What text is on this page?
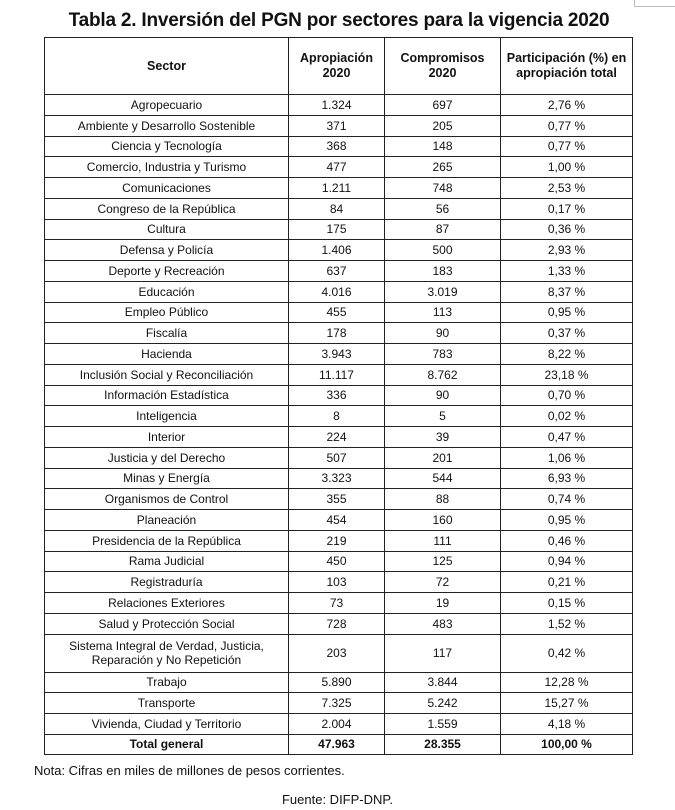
Tabla 2. Inversión del PGN por sectores para la vigencia 2020
Sector	Apropiación 2020	Compromisos 2020	Participación (%) en apropiación total
Agropecuario	1.324	697	2,76 %
Ambiente y Desarrollo Sostenible	371	205	0,77 %
Ciencia y Tecnología	368	148	0,77 %
Comercio, Industria y Turismo	477	265	1,00 %
Comunicaciones	1.211	748	2,53 %
Congreso de la República	84	56	0,17 %
Cultura	175	87	0,36 %
Defensa y Policía	1.406	500	2,93 %
Deporte y Recreación	637	183	1,33 %
Educación	4.016	3.019	8,37 %
Empleo Público	455	113	0,95 %
Fiscalía	178	90	0,37 %
Hacienda	3.943	783	8,22 %
Inclusión Social y Reconciliación	11.117	8.762	23,18 %
Información Estadística	336	90	0,70 %
Inteligencia	8	5	0,02 %
Interior	224	39	0,47 %
Justicia y del Derecho	507	201	1,06 %
Minas y Energía	3.323	544	6,93 %
Organismos de Control	355	88	0,74 %
Planeación	454	160	0,95 %
Presidencia de la República	219	111	0,46 %
Rama Judicial	450	125	0,94 %
Registraduría	103	72	0,21 %
Relaciones Exteriores	73	19	0,15 %
Salud y Protección Social	728	483	1,52 %
Sistema Integral de Verdad, Justicia, Reparación y No Repetición	203	117	0,42 %
Trabajo	5.890	3.844	12,28 %
Transporte	7.325	5.242	15,27 %
Vivienda, Ciudad y Territorio	2.004	1.559	4,18 %
Total general	47.963	28.355	100,00 %
Nota: Cifras en miles de millones de pesos corrientes.
Fuente: DIFP-DNP.
